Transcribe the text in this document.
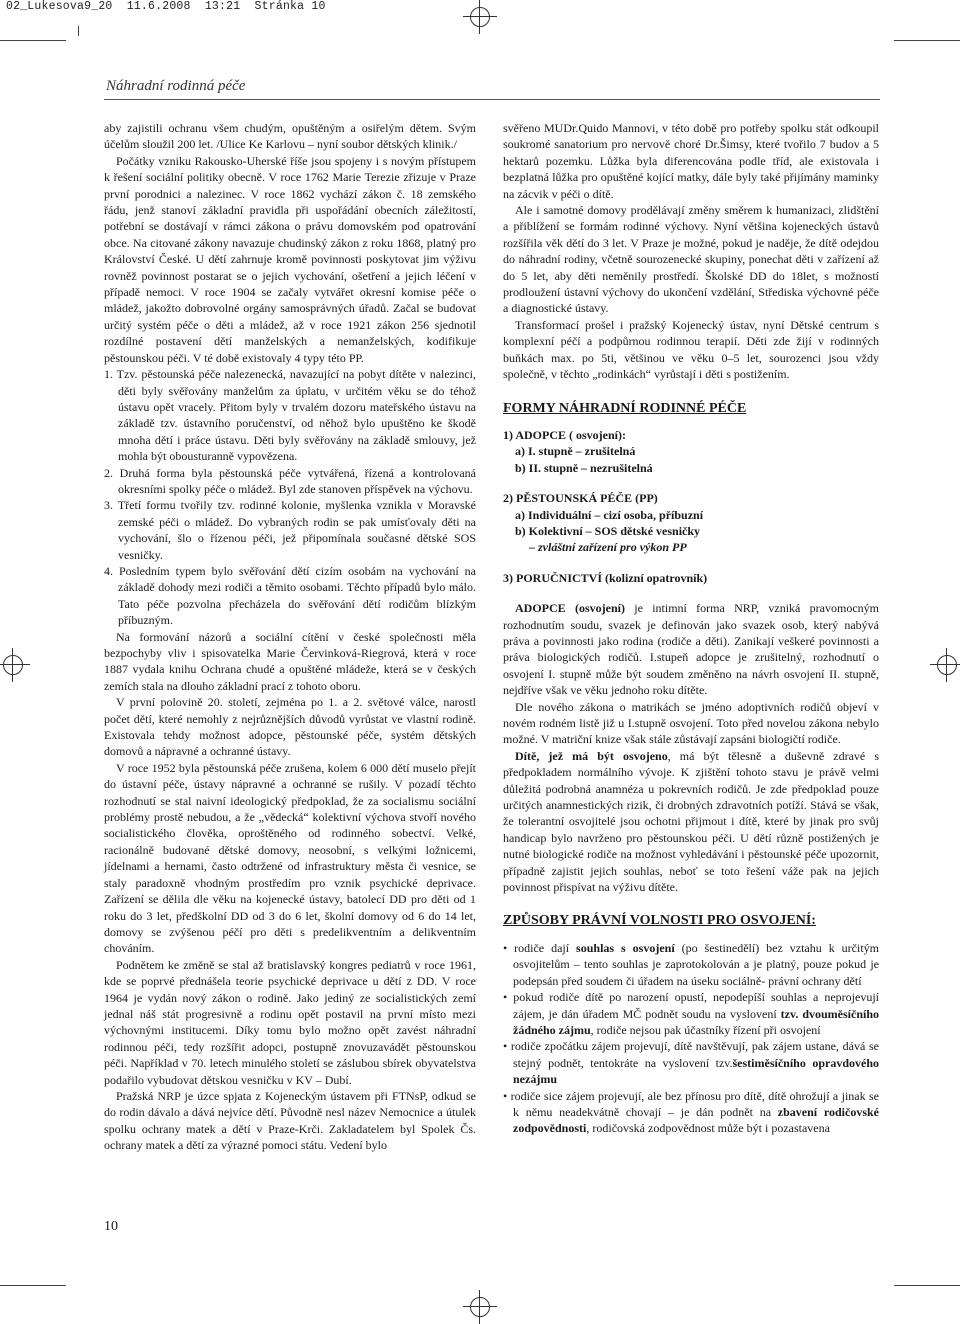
02_Lukesova9_20  11.6.2008  13:21  Stránka 10
Náhradní rodinná péče

aby zajistili ochranu všem chudým, opuštěným a osiřelým dětem. Svým účelům sloužil 200 let. /Ulice Ke Karlovu – nyní soubor dětských klinik./

Počátky vzniku Rakousko-Uherské říše jsou spojeny i s novým přístupem k řešení sociální politiky obecně. V roce 1762 Marie Terezie zřizuje v Praze první porodnici a nalezinec. V roce 1862 vychází zákon č. 18 zemského řádu, jenž stanoví základní pravidla při uspořádání obecních záležitostí, potřební se dostávají v rámci zákona o právu domovském pod opatrování obce. Na citované zákony navazuje chudinský zákon z roku 1868, platný pro Království České. U dětí zahrnuje kromě povinnosti poskytovat jim výživu rovněž povinnost postarat se o jejich vychování, ošetření a jejich léčení v případě nemoci. V roce 1904 se začaly vytvářet okresní komise péče o mládež, jakožto dobrovolné orgány samosprávných úřadů. Začal se budovat určitý systém péče o děti a mládež, až v roce 1921 zákon 256 sjednotil rozdílné postavení dětí manželských a nemanželských, kodifikuje pěstounskou péči. V té době existovaly 4 typy této PP.

1. Tzv. pěstounská péče nalezenecká, navazující na pobyt dítěte v nalezinci, děti byly svěřovány manželům za úplatu, v určitém věku se do téhož ústavu opět vracely. Přitom byly v trvalém dozoru mateřského ústavu na základě tzv. ústavního poručenství, od něhož bylo upuštěno ke škodě mnoha dětí i práce ústavu. Děti byly svěřovány na základě smlouvy, jež mohla být obousturanně vypovězena.

2. Druhá forma byla pěstounská péče vytvářená, řízená a kontrolovaná okresními spolky péče o mládež. Byl zde stanoven příspěvek na výchovu.

3. Třetí formu tvořily tzv. rodinné kolonie, myšlenka vznikla v Moravské zemské péči o mládež. Do vybraných rodin se pak umísťovaly děti na vychování, šlo o řízenou péči, jež připomínala současné dětské SOS vesničky.

4. Posledním typem bylo svěřování dětí cizím osobám na vychování na základě dohody mezi rodiči a těmito osobami. Těchto případů bylo málo. Tato péče pozvolna přecházela do svěřování dětí rodičům blízkým příbuzným.

Na formování názorů a sociální cítění v české společnosti měla bezpochyby vliv i spisovatelka Marie Červinková-Riegrová, která v roce 1887 vydala knihu Ochrana chudé a opuštěné mládeže, která se v českých zemích stala na dlouho základní prací z tohoto oboru.

V první polovině 20. století, zejména po 1. a 2. světové válce, narostl počet dětí, které nemohly z nejrůznějších důvodů vyrůstat ve vlastní rodině. Existovala tehdy možnost adopce, pěstounské péče, systém dětských domovů a nápravné a ochranné ústavy.

V roce 1952 byla pěstounská péče zrušena, kolem 6 000 dětí muselo přejít do ústavní péče, ústavy nápravné a ochranné se rušily. V pozadí těchto rozhodnutí se stal naivní ideologický předpoklad, že za socialismu sociální problémy prostě nebudou, a že „vědecká“ kolektivní výchova stvoří nového socialistického člověka, oproštěného od rodinného sobectví. Velké, racionálně budované dětské domovy, neosobní, s velkými ložnicemi, jídelnami a hernami, často odtržené od infrastruktury města či vesnice, se staly paradoxně vhodným prostředím pro vznik psychické deprivace. Zařízení se dělila dle věku na kojenecké ústavy, batolecí DD pro děti od 1 roku do 3 let, předškolní DD od 3 do 6 let, školní domovy od 6 do 14 let, domovy se zvýšenou péčí pro děti s predelikventním a delikventním chováním.

Podnětem ke změně se stal až bratislavský kongres pediatrů v roce 1961, kde se poprvé přednášela teorie psychické deprivace u dětí z DD. V roce 1964 je vydán nový zákon o rodině. Jako jediný ze socialistických zemí jednal náš stát progresivně a rodinu opět postavil na první místo mezi výchovnými institucemi. Díky tomu bylo možno opět zavést náhradní rodinnou péči, tedy rozšířit adopci, postupně znovuzavádět pěstounskou péči. Například v 70. letech minulého století se záslubou sbírek obyvatelstva podařilo vybudovat dětskou vesničku v KV – Dubí.

Pražská NRP je úzce spjata z Kojeneckým ústavem při FTNsP, odkud se do rodin dávalo a dává nejvíce dětí. Původně nesl název Nemocnice a útulek spolku ochrany matek a dětí v Praze-Krči. Zakladatelem byl Spolek Čs. ochrany matek a dětí za výrazné pomoci státu. Vedení bylo

svěřeno MUDr.Quido Mannovi, v této době pro potřeby spolku stát odkoupil soukromé sanatorium pro nervově choré Dr.Šimsy, které tvořilo 7 budov a 5 hektarů pozemku. Lůžka byla diferencována podle tříd, ale existovala i bezplatná lůžka pro opuštěné kojící matky, dále byly také přijímány maminky na zácvik v péči o dítě.

Ale i samotné domovy prodělávají změny směrem k humanizaci, zlidštění a přiblížení se formám rodinné výchovy. Nyní většina kojeneckých ústavů rozšířila věk dětí do 3 let. V Praze je možné, pokud je naděje, že dítě odejdou do náhradní rodiny, včetně sourozenecké skupiny, ponechat děti v zařízení až do 5 let, aby děti neměnily prostředí. Školské DD do 18let, s možností prodloužení ústavní výchovy do ukončení vzdělání, Střediska výchovné péče a diagnostické ústavy.

Transformací prošel i pražský Kojenecký ústav, nyní Dětské centrum s komplexní péčí a podpůrnou rodinnou terapií. Děti zde žijí v rodinných buňkách max. po 5ti, většinou ve věku 0–5 let, sourozenci jsou vždy společně, v těchto „rodinkách“ vyrůstají i děti s postižením.

FORMY NÁHRADNÍ RODINNÉ PÉČE

1) ADOPCE ( osvojení):

a) I. stupně – zrušitelná

b) II. stupně – nezrušitelná

2) PĚSTOUNSKÁ PÉČE (PP)

a) Individuální – cizí osoba, příbuzní

b) Kolektivní – SOS dětské vesničky

– zvláštní zařízení pro výkon PP

3) PORUČNICTVÍ (kolizní opatrovník)

ADOPCE (osvojení) je intimní forma NRP, vzniká pravomocným rozhodnutím soudu, svazek je definován jako svazek osob, který nabývá práva a povinnosti jako rodina (rodiče a děti). Zanikají veškeré povinnosti a práva biologických rodičů. I.stupeň adopce je zrušitelný, rozhodnutí o osvojení I. stupně může být soudem změněno na návrh osvojení II. stupně, nejdříve však ve věku jednoho roku dítěte.

Dle nového zákona o matrikách se jméno adoptivních rodičů objeví v novém rodném listě již u I.stupně osvojení. Toto před novelou zákona nebylo možné. V matriční knize však stále zůstávají zapsáni biologičtí rodiče.

Dítě, jež má být osvojeno, má být tělesně a duševně zdravé s předpokladem normálního vývoje. K zjištění tohoto stavu je právě velmi důležitá podrobná anamnéza u pokrevních rodičů. Je zde předpoklad pouze určitých anamnestických rizik, či drobných zdravotních potíží. Stává se však, že tolerantní osvojitelé jsou ochotni přijmout i dítě, které by jinak pro svůj handicap bylo navrženo pro pěstounskou péči. U dětí různě postižených je nutné biologické rodiče na možnost vyhledávání i pěstounské péče upozornit, případně zajistit jejich souhlas, neboť se toto řešení váže pak na jejich povinnost přispívat na výživu dítěte.

ZPŮSOBY PRÁVNÍ VOLNOSTI PRO OSVOJENÍ:

• rodiče dají souhlas s osvojení (po šestinedělí) bez vztahu k určitým osvojitelům – tento souhlas je zaprotokolován a je platný, pouze pokud je podepsán před soudem či úřadem na úseku sociálně- právní ochrany dětí

• pokud rodiče dítě po narození opustí, nepodepíší souhlas a neprojevují zájem, je dán úřadem MČ podnět soudu na vyslovení tzv. dvouměsíčního žádného zájmu, rodiče nejsou pak účastníky řízení při osvojení

• rodiče zpočátku zájem projevují, dítě navštěvují, pak zájem ustane, dává se stejný podnět, tentokráte na vyslovení tzv.šestiměsíčního opravdového nezájmu

• rodiče sice zájem projevují, ale bez přínosu pro dítě, dítě ohrožují a jinak se k němu neadekvátně chovají – je dán podnět na zbavení rodičovské zodpovědnosti, rodičovská zodpovědnost může být i pozastavena

10
